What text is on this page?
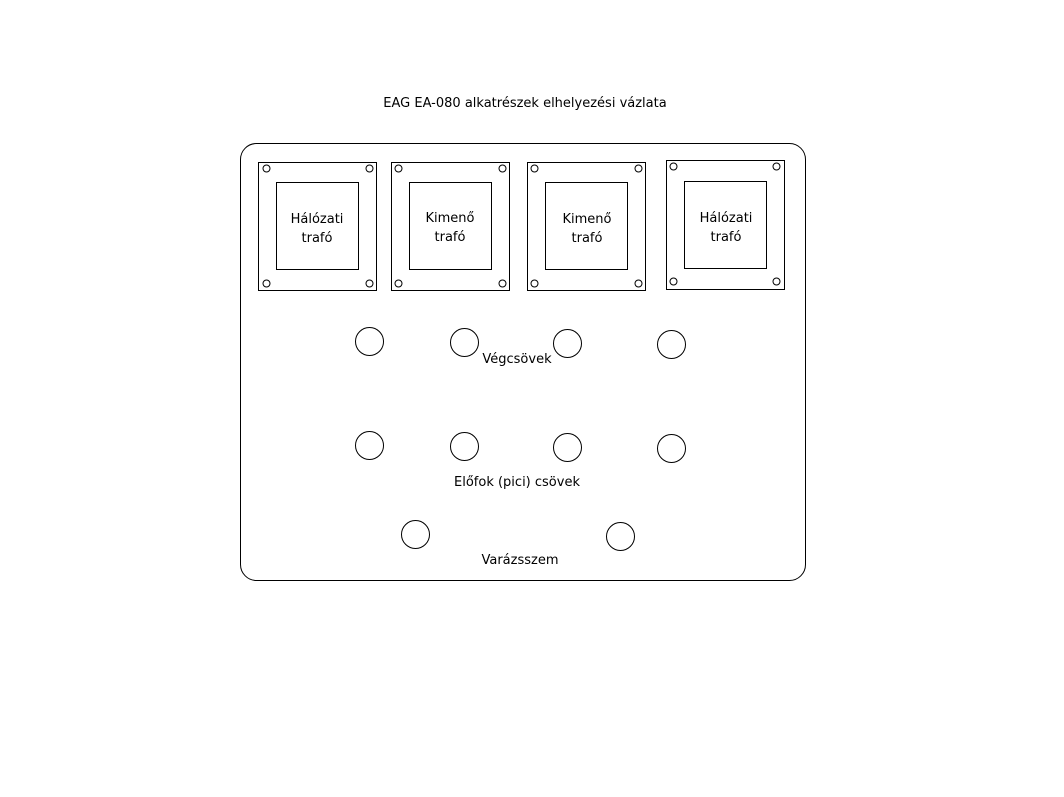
EAG EA-080 alkatrészek elhelyezési vázlata
Hálózati
trafó
Kimenő
trafó
Kimenő
trafó
Hálózati
trafó
Végcsövek
Előfok (pici) csövek
Varázsszem
